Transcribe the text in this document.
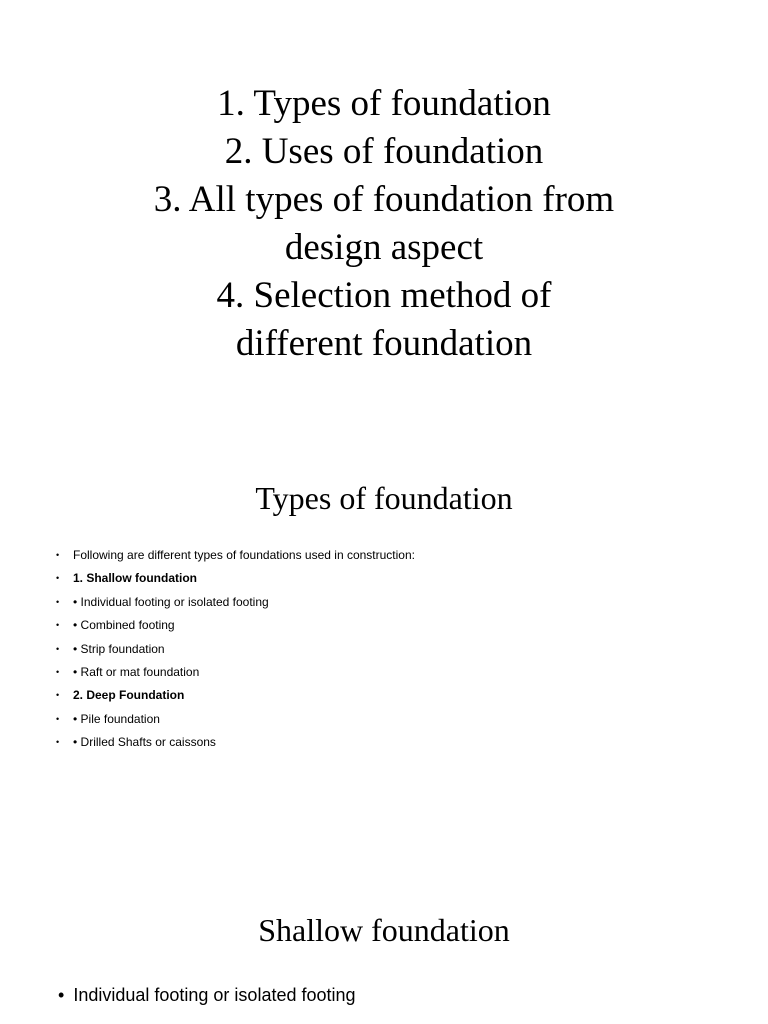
1. Types of foundation
2. Uses of foundation
3. All types of foundation from
design aspect
4. Selection method of
different foundation
Types of foundation
• Following are different types of foundations used in construction:
• 1. Shallow foundation
• • Individual footing or isolated footing
• • Combined footing
• • Strip foundation
• • Raft or mat foundation
• 2. Deep Foundation
• • Pile foundation
• • Drilled Shafts or caissons
Shallow foundation
• Individual footing or isolated footing
